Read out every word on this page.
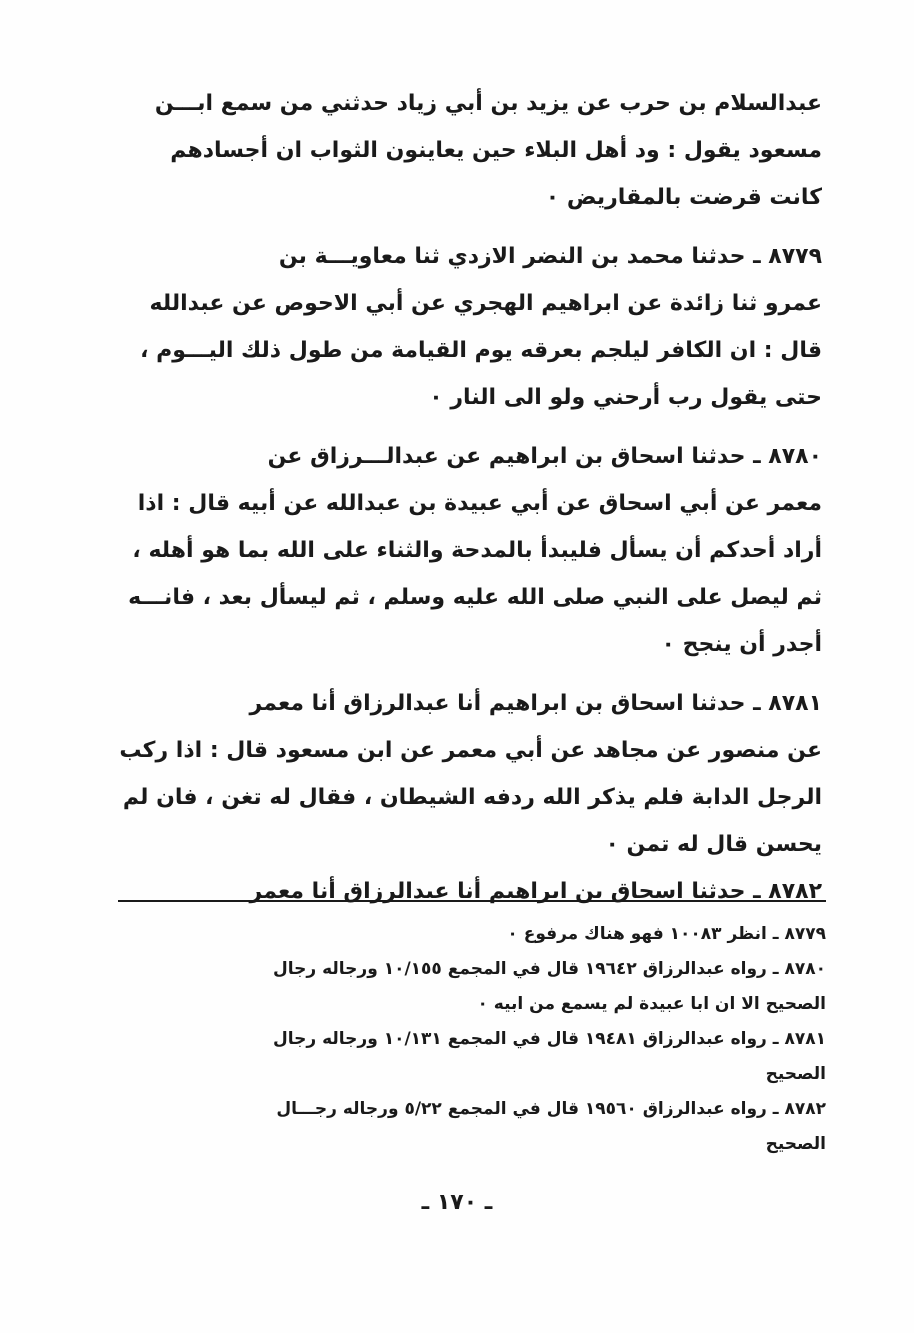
عبدالسلام بن حرب عن يزيد بن أبي زياد حدثني من سمع ابـــن
مسعود يقول : ود أهل البلاء حين يعاينون الثواب ان أجسادهم
كانت قرضت بالمقاريض ٠
٨٧٧٩ ـ حدثنا محمد بن النضر الازدي ثنا معاويـــة بن
عمرو ثنا زائدة عن ابراهيم الهجري عن أبي الاحوص عن عبدالله
قال : ان الكافر ليلجم بعرقه يوم القيامة من طول ذلك اليـــوم ،
حتى يقول رب أرحني ولو الى النار ٠
٨٧٨٠ ـ حدثنا اسحاق بن ابراهيم عن عبدالـــرزاق عن
معمر عن أبي اسحاق عن أبي عبيدة بن عبدالله عن أبيه قال : اذا
أراد أحدكم أن يسأل فليبدأ بالمدحة والثناء على الله بما هو أهله ،
ثم ليصل على النبي صلى الله عليه وسلم ، ثم ليسأل بعد ، فانـــه
أجدر أن ينجح ٠
٨٧٨١ ـ حدثنا اسحاق بن ابراهيم أنا عبدالرزاق أنا معمر
عن منصور عن مجاهد عن أبي معمر عن ابن مسعود قال : اذا ركب
الرجل الدابة فلم يذكر الله ردفه الشيطان ، فقال له تغن ، فان لم
يحسن قال له تمن ٠
٨٧٨٢ ـ حدثنا اسحاق بن ابراهيم أنا عبدالرزاق أنا معمر
٨٧٧٩ ـ انظر ١٠٠٨٣ فهو هناك مرفوع ٠
٨٧٨٠ ـ رواه عبدالرزاق ١٩٦٤٢ قال في المجمع ١٠/١٥٥ ورجاله رجال
الصحيح الا ان ابا عبيدة لم يسمع من ابيه ٠
٨٧٨١ ـ رواه عبدالرزاق ١٩٤٨١ قال في المجمع ١٠/١٣١ ورجاله رجال
الصحيح
٨٧٨٢ ـ رواه عبدالرزاق ١٩٥٦٠ قال في المجمع ٥/٢٢ ورجاله رجـــال
الصحيح
ـ ١٧٠ ـ
